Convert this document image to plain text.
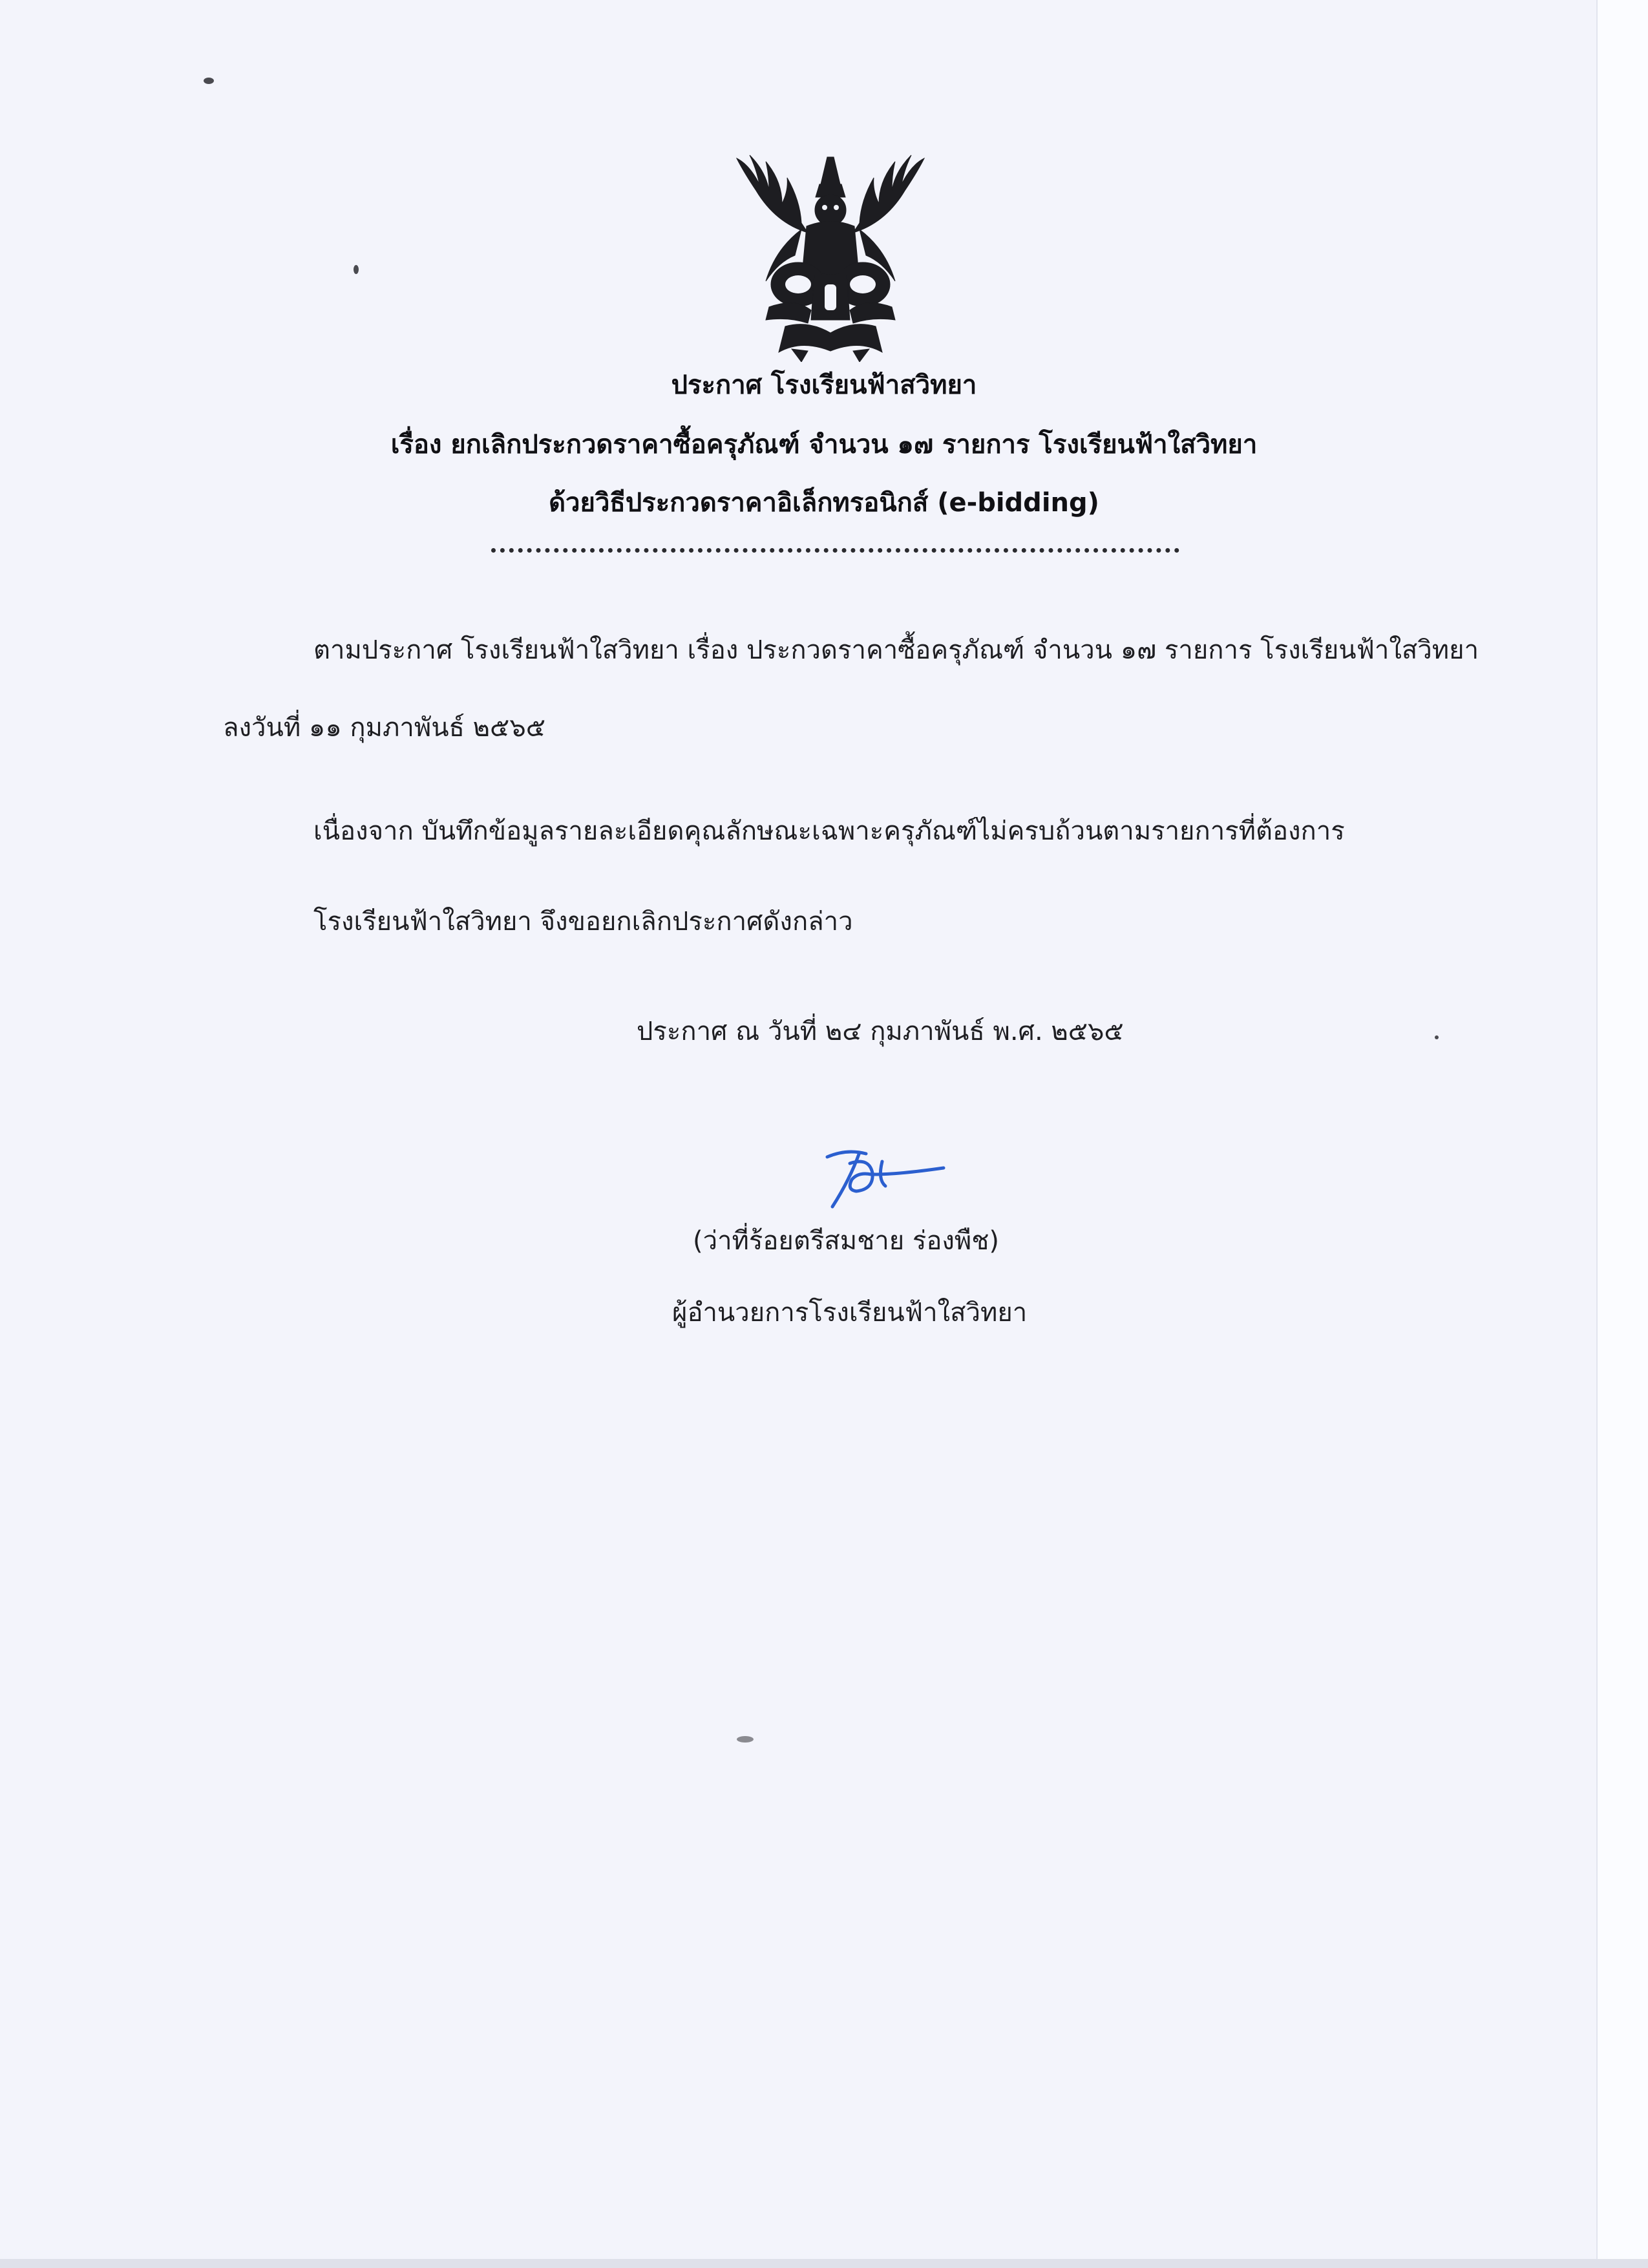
ประกาศ โรงเรียนฟ้าสวิทยา
เรื่อง ยกเลิกประกวดราคาซื้อครุภัณฑ์ จำนวน ๑๗ รายการ โรงเรียนฟ้าใสวิทยา
ด้วยวิธีประกวดราคาอิเล็กทรอนิกส์ (e-bidding)
ตามประกาศ โรงเรียนฟ้าใสวิทยา เรื่อง ประกวดราคาซื้อครุภัณฑ์ จำนวน ๑๗ รายการ โรงเรียนฟ้าใสวิทยา
ลงวันที่ ๑๑ กุมภาพันธ์ ๒๕๖๕
เนื่องจาก บันทึกข้อมูลรายละเอียดคุณลักษณะเฉพาะครุภัณฑ์ไม่ครบถ้วนตามรายการที่ต้องการ
โรงเรียนฟ้าใสวิทยา จึงขอยกเลิกประกาศดังกล่าว
ประกาศ ณ วันที่ ๒๔ กุมภาพันธ์ พ.ศ. ๒๕๖๕
(ว่าที่ร้อยตรีสมชาย ร่องพืช)
ผู้อำนวยการโรงเรียนฟ้าใสวิทยา
